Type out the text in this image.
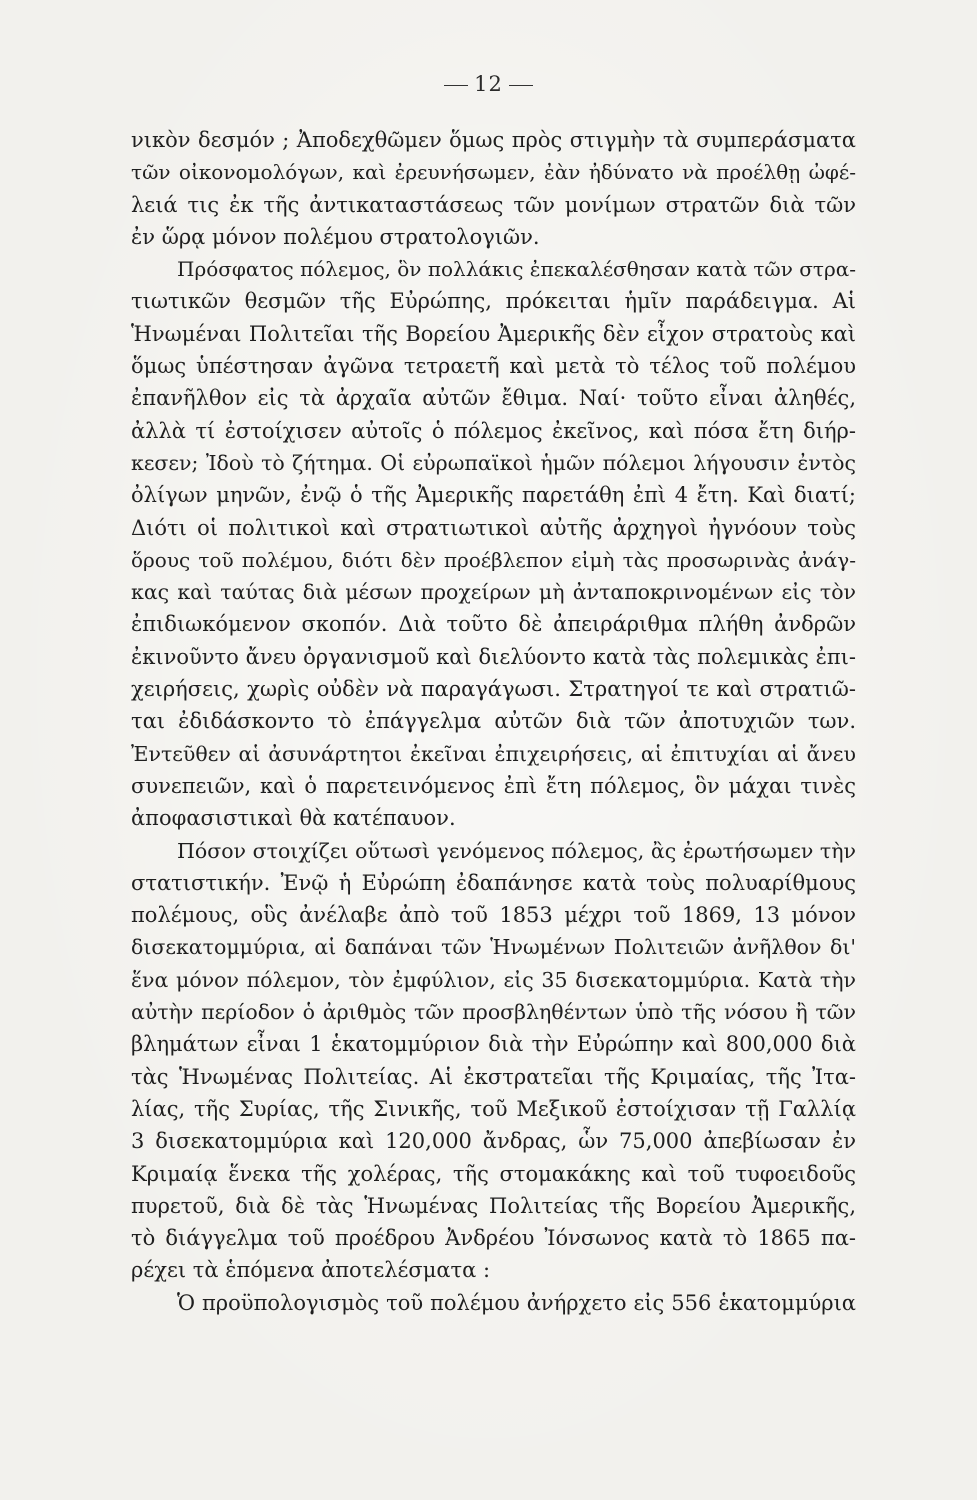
12
νικὸν δεσμόν ; Ἀποδεχθῶμεν ὅμως πρὸς στιγμὴν τὰ συμπεράσματα
τῶν οἰκονομολόγων, καὶ ἐρευνήσωμεν, ἐὰν ἠδύνατο νὰ προέλθῃ ὠφέ-
λειά τις ἐκ τῆς ἀντικαταστάσεως τῶν μονίμων στρατῶν διὰ τῶν
ἐν ὥρᾳ μόνον πολέμου στρατολογιῶν.
Πρόσφατος πόλεμος, ὃν πολλάκις ἐπεκαλέσθησαν κατὰ τῶν στρα-
τιωτικῶν θεσμῶν τῆς Εὐρώπης, πρόκειται ἡμῖν παράδειγμα. Αἱ
Ἡνωμέναι Πολιτεῖαι τῆς Βορείου Ἀμερικῆς δὲν εἶχον στρατοὺς καὶ
ὅμως ὑπέστησαν ἀγῶνα τετραετῆ καὶ μετὰ τὸ τέλος τοῦ πολέμου
ἐπανῆλθον εἰς τὰ ἀρχαῖα αὐτῶν ἔθιμα. Ναί· τοῦτο εἶναι ἀληθές,
ἀλλὰ τί ἐστοίχισεν αὐτοῖς ὁ πόλεμος ἐκεῖνος, καὶ πόσα ἔτη διήρ-
κεσεν; Ἰδοὺ τὸ ζήτημα. Οἱ εὐρωπαϊκοὶ ἡμῶν πόλεμοι λήγουσιν ἐντὸς
ὀλίγων μηνῶν, ἐνῷ ὁ τῆς Ἀμερικῆς παρετάθη ἐπὶ 4 ἔτη. Καὶ διατί;
Διότι οἱ πολιτικοὶ καὶ στρατιωτικοὶ αὐτῆς ἀρχηγοὶ ἠγνόουν τοὺς
ὅρους τοῦ πολέμου, διότι δὲν προέβλεπον εἰμὴ τὰς προσωρινὰς ἀνάγ-
κας καὶ ταύτας διὰ μέσων προχείρων μὴ ἀνταποκρινομένων εἰς τὸν
ἐπιδιωκόμενον σκοπόν. Διὰ τοῦτο δὲ ἀπειράριθμα πλήθη ἀνδρῶν
ἐκινοῦντο ἄνευ ὀργανισμοῦ καὶ διελύοντο κατὰ τὰς πολεμικὰς ἐπι-
χειρήσεις, χωρὶς οὐδὲν νὰ παραγάγωσι. Στρατηγοί τε καὶ στρατιῶ-
ται ἐδιδάσκοντο τὸ ἐπάγγελμα αὐτῶν διὰ τῶν ἀποτυχιῶν των.
Ἐντεῦθεν αἱ ἀσυνάρτητοι ἐκεῖναι ἐπιχειρήσεις, αἱ ἐπιτυχίαι αἱ ἄνευ
συνεπειῶν, καὶ ὁ παρετεινόμενος ἐπὶ ἔτη πόλεμος, ὃν μάχαι τινὲς
ἀποφασιστικαὶ θὰ κατέπαυον.
Πόσον στοιχίζει οὕτωσὶ γενόμενος πόλεμος, ἂς ἐρωτήσωμεν τὴν
στατιστικήν. Ἐνῷ ἡ Εὐρώπη ἐδαπάνησε κατὰ τοὺς πολυαρίθμους
πολέμους, οὓς ἀνέλαβε ἀπὸ τοῦ 1853 μέχρι τοῦ 1869, 13 μόνον
δισεκατομμύρια, αἱ δαπάναι τῶν Ἡνωμένων Πολιτειῶν ἀνῆλθον δι'
ἕνα μόνον πόλεμον, τὸν ἐμφύλιον, εἰς 35 δισεκατομμύρια. Κατὰ τὴν
αὐτὴν περίοδον ὁ ἀριθμὸς τῶν προσβληθέντων ὑπὸ τῆς νόσου ἢ τῶν
βλημάτων εἶναι 1 ἑκατομμύριον διὰ τὴν Εὐρώπην καὶ 800,000 διὰ
τὰς Ἡνωμένας Πολιτείας. Αἱ ἐκστρατεῖαι τῆς Κριμαίας, τῆς Ἰτα-
λίας, τῆς Συρίας, τῆς Σινικῆς, τοῦ Μεξικοῦ ἐστοίχισαν τῇ Γαλλίᾳ
3 δισεκατομμύρια καὶ 120,000 ἄνδρας, ὧν 75,000 ἀπεβίωσαν ἐν
Κριμαίᾳ ἕνεκα τῆς χολέρας, τῆς στομακάκης καὶ τοῦ τυφοειδοῦς
πυρετοῦ, διὰ δὲ τὰς Ἡνωμένας Πολιτείας τῆς Βορείου Ἀμερικῆς,
τὸ διάγγελμα τοῦ προέδρου Ἀνδρέου Ἰόνσωνος κατὰ τὸ 1865 πα-
ρέχει τὰ ἑπόμενα ἀποτελέσματα :
Ὁ προϋπολογισμὸς τοῦ πολέμου ἀνήρχετο εἰς 556 ἑκατομμύρια
